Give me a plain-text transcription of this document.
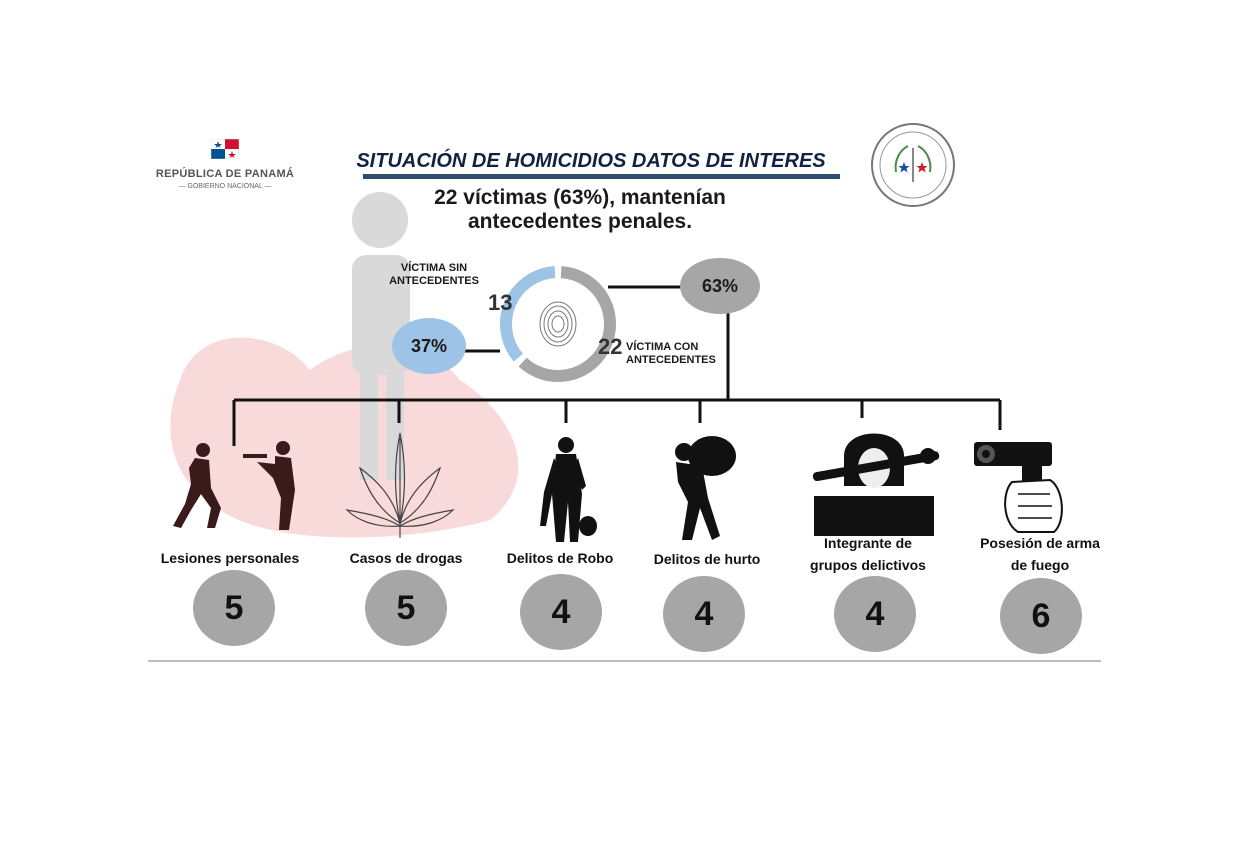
REPÚBLICA DE PANAMÁ
— GOBIERNO NACIONAL —
SITUACIÓN DE HOMICIDIOS DATOS DE INTERES
22 víctimas (63%), mantenían
antecedentes penales.
VÍCTIMA SIN
ANTECEDENTES
13
37%	22 VÍCTIMA CON
ANTECEDENTES
63%
Lesiones personales
5
Casos de drogas
5
Delitos de Robo
4
Delitos de hurto
4
Integrante de
grupos delictivos
4
Posesión de arma
de fuego
6
